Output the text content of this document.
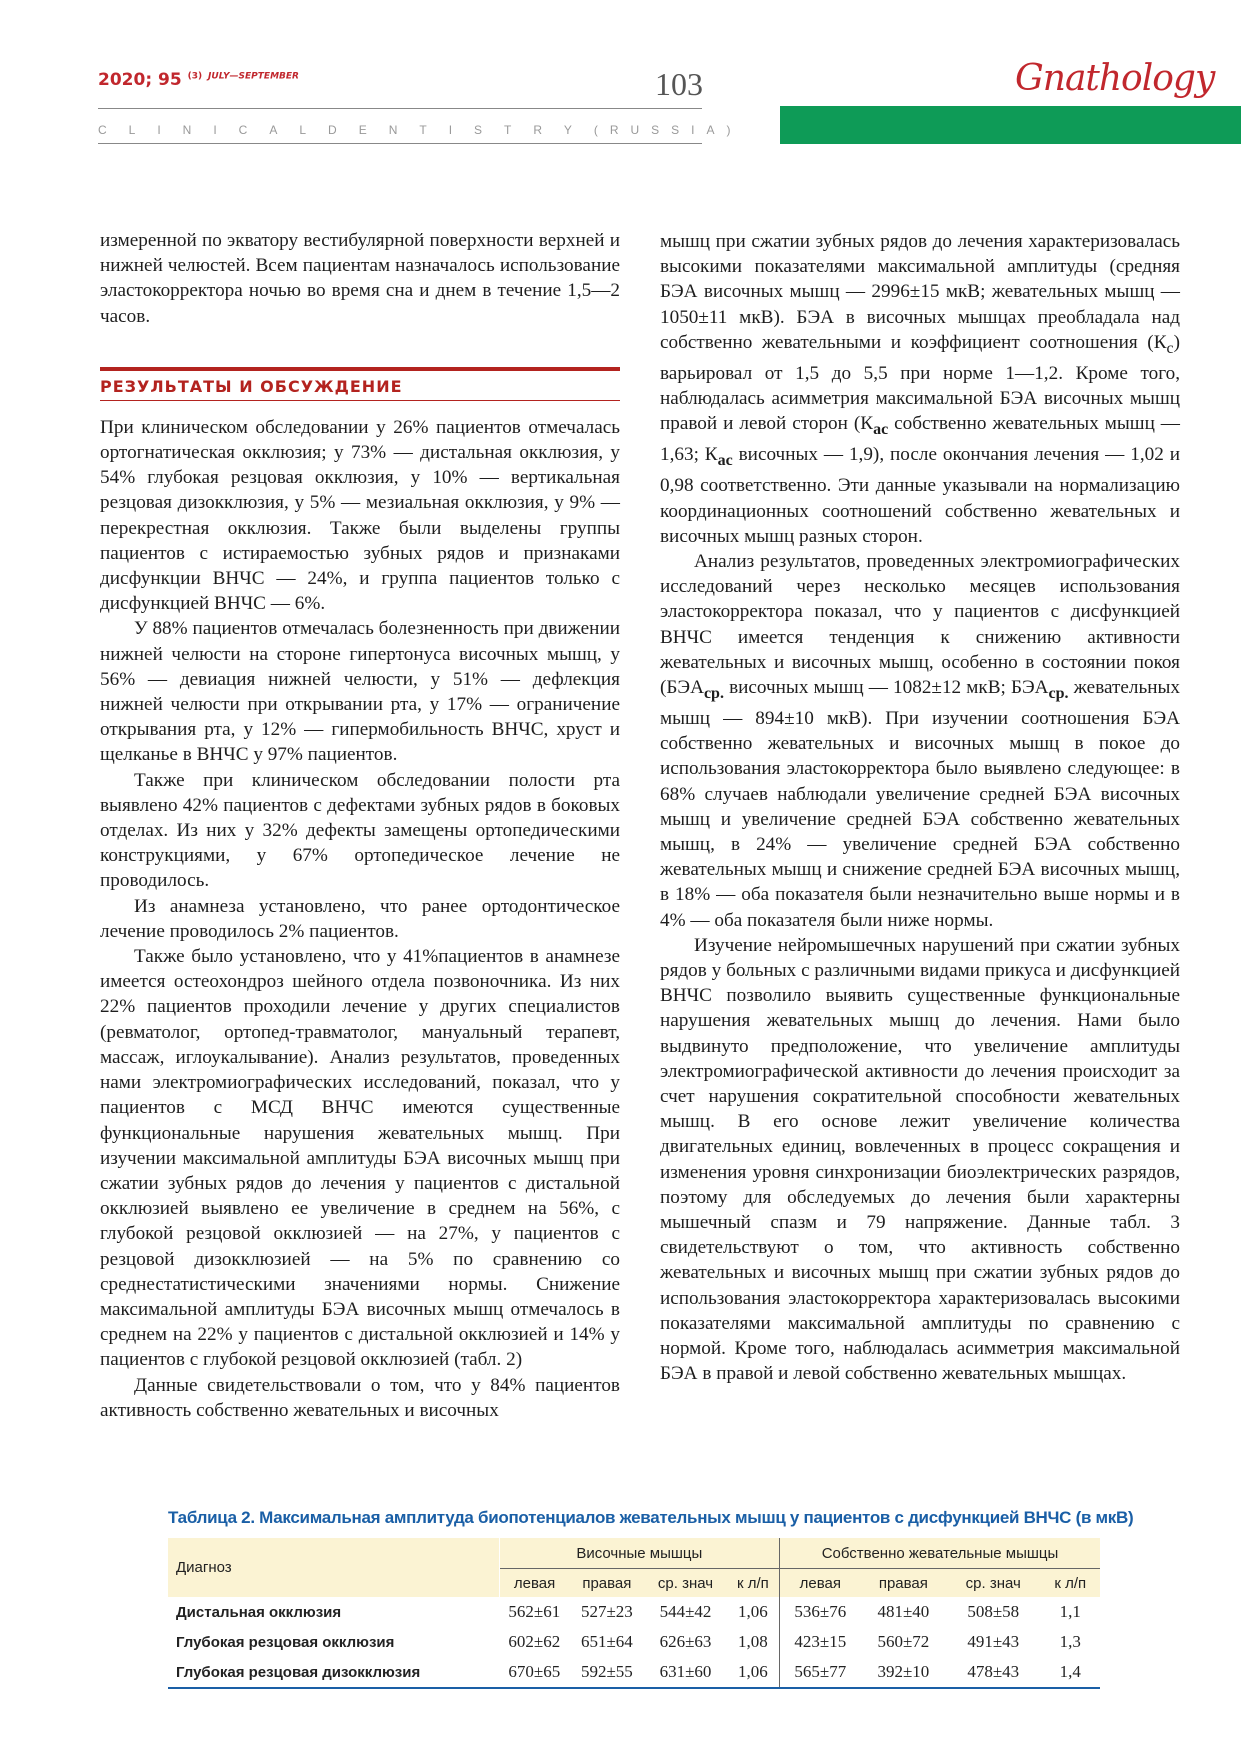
2020; 95 $^{(3)}$ $^{JULY—SEPTEMBER}$	103
CLINICAL DENTISTRY (RUSSIA)
Gnathology

измеренной по экватору вестибулярной поверхности верхней и нижней челюстей. Всем пациентам назначалось использование эластокорректора ночью во время сна и днем в течение 1,5—2 часов.

РЕЗУЛЬТАТЫ И ОБСУЖДЕНИЕ

При клиническом обследовании у 26% пациентов отмечалась ортогнатическая окклюзия; у 73% — дистальная окклюзия, у 54% глубокая резцовая окклюзия, у 10% — вертикальная резцовая дизокклюзия, у 5% — мезиальная окклюзия, у 9% — перекрестная окклюзия. Также были выделены группы пациентов с истираемостью зубных рядов и признаками дисфункции ВНЧС — 24%, и группа пациентов только с дисфункцией ВНЧС — 6%.

У 88% пациентов отмечалась болезненность при движении нижней челюсти на стороне гипертонуса височных мышц, у 56% — девиация нижней челюсти, у 51% — дефлекция нижней челюсти при открывании рта, у 17% — ограничение открывания рта, у 12% — гипермобильность ВНЧС, хруст и щелканье в ВНЧС у 97% пациентов.

Также при клиническом обследовании полости рта выявлено 42% пациентов с дефектами зубных рядов в боковых отделах. Из них у 32% дефекты замещены ортопедическими конструкциями, у 67% ортопедическое лечение не проводилось.

Из анамнеза установлено, что ранее ортодонтическое лечение проводилось 2% пациентов.

Также было установлено, что у 41%пациентов в анамнезе имеется остеохондроз шейного отдела позвоночника. Из них 22% пациентов проходили лечение у других специалистов (ревматолог, ортопед-травматолог, мануальный терапевт, массаж, иглоукалывание). Анализ результатов, проведенных нами электромиографических исследований, показал, что у пациентов с МСД ВНЧС имеются существенные функциональные нарушения жевательных мышц. При изучении максимальной амплитуды БЭА височных мышц при сжатии зубных рядов до лечения у пациентов с дистальной окклюзией выявлено ее увеличение в среднем на 56%, с глубокой резцовой окклюзией — на 27%, у пациентов с резцовой дизокклюзией — на 5% по сравнению со среднестатистическими значениями нормы. Снижение максимальной амплитуды БЭА височных мышц отмечалось в среднем на 22% у пациентов с дистальной окклюзией и 14% у пациентов с глубокой резцовой окклюзией (табл. 2)

Данные свидетельствовали о том, что у 84% пациентов активность собственно жевательных и височных

мышц при сжатии зубных рядов до лечения характеризовалась высокими показателями максимальной амплитуды (средняя БЭА височных мышц — 2996±15 мкВ; жевательных мышц — 1050±11 мкВ). БЭА в височных мышцах преобладала над собственно жевательными и коэффициент соотношения $(К_с)$ варьировал от 1,5 до 5,5 при норме 1—1,2. Кроме того, наблюдалась асимметрия максимальной БЭА височных мышц правой и левой сторон ($К_{ас}$ собственно жевательных мышц — 1,63; $К_{ас}$ височных — 1,9), после окончания лечения — 1,02 и 0,98 соответственно. Эти данные указывали на нормализацию координационных соотношений собственно жевательных и височных мышц разных сторон.

Анализ результатов, проведенных электромиографических исследований через несколько месяцев использования эластокорректора показал, что у пациентов с дисфункцией ВНЧС имеется тенденция к снижению активности жевательных и височных мышц, особенно в состоянии покоя ($БЭА_{ср.}$ височных мышц — 1082±12 мкВ; $БЭА_{ср.}$ жевательных мышц — 894±10 мкВ). При изучении соотношения БЭА собственно жевательных и височных мышц в покое до использования эластокорректора было выявлено следующее: в 68% случаев наблюдали увеличение средней БЭА височных мышц и увеличение средней БЭА собственно жевательных мышц, в 24% — увеличение средней БЭА собственно жевательных мышц и снижение средней БЭА височных мышц, в 18% — оба показателя были незначительно выше нормы и в 4% — оба показателя были ниже нормы.

Изучение нейромышечных нарушений при сжатии зубных рядов у больных с различными видами прикуса и дисфункцией ВНЧС позволило выявить существенные функциональные нарушения жевательных мышц до лечения. Нами было выдвинуто предположение, что увеличение амплитуды электромиографической активности до лечения происходит за счет нарушения сократительной способности жевательных мышц. В его основе лежит увеличение количества двигательных единиц, вовлеченных в процесс сокращения и изменения уровня синхронизации биоэлектрических разрядов, поэтому для обследуемых до лечения были характерны мышечный спазм и 79 напряжение. Данные табл. 3 свидетельствуют о том, что активность собственно жевательных и височных мышц при сжатии зубных рядов до использования эластокорректора характеризовалась высокими показателями максимальной амплитуды по сравнению с нормой. Кроме того, наблюдалась асимметрия максимальной БЭА в правой и левой собственно жевательных мышцах.

Таблица 2. Максимальная амплитуда биопотенциалов жевательных мышц у пациентов с дисфункцией ВНЧС (в мкВ)
Диагноз	Височные мышцы				Собственно жевательные мышцы			
	левая	правая	ср. знач	к л/п	левая	правая	ср. знач	к л/п
Дистальная окклюзия	562±61	527±23	544±42	1,06	536±76	481±40	508±58	1,1
Глубокая резцовая окклюзия	602±62	651±64	626±63	1,08	423±15	560±72	491±43	1,3
Глубокая резцовая дизокклюзия	670±65	592±55	631±60	1,06	565±77	392±10	478±43	1,4
